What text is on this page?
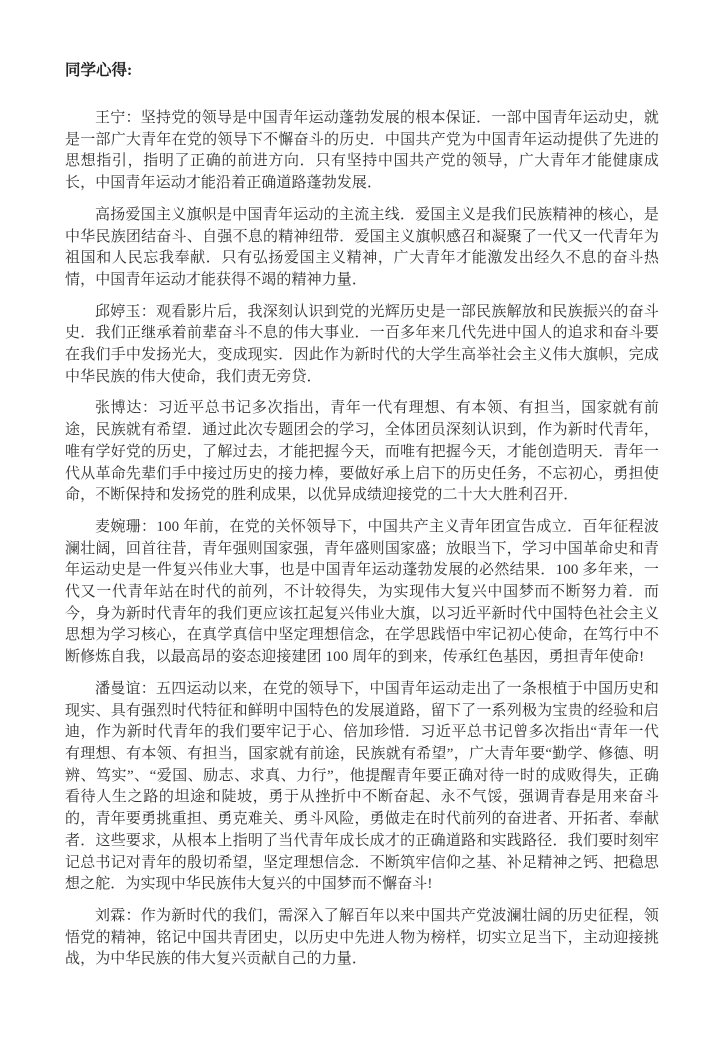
同学心得:

王宁：坚持党的领导是中国青年运动蓬勃发展的根本保证．一部中国青年运动史，就是一部广大青年在党的领导下不懈奋斗的历史．中国共产党为中国青年运动提供了先进的思想指引，指明了正确的前进方向．只有坚持中国共产党的领导，广大青年才能健康成长，中国青年运动才能沿着正确道路蓬勃发展．

高扬爱国主义旗帜是中国青年运动的主流主线．爱国主义是我们民族精神的核心，是中华民族团结奋斗、自强不息的精神纽带．爱国主义旗帜感召和凝聚了一代又一代青年为祖国和人民忘我奉献．只有弘扬爱国主义精神，广大青年才能激发出经久不息的奋斗热情，中国青年运动才能获得不竭的精神力量．

邱婷玉：观看影片后，我深刻认识到党的光辉历史是一部民族解放和民族振兴的奋斗史．我们正继承着前辈奋斗不息的伟大事业．一百多年来几代先进中国人的追求和奋斗要在我们手中发扬光大，变成现实．因此作为新时代的大学生高举社会主义伟大旗帜，完成中华民族的伟大使命，我们责无旁贷．

张博达：习近平总书记多次指出，青年一代有理想、有本领、有担当，国家就有前途，民族就有希望．通过此次专题团会的学习，全体团员深刻认识到，作为新时代青年，唯有学好党的历史，了解过去，才能把握今天，而唯有把握今天，才能创造明天．青年一代从革命先辈们手中接过历史的接力棒，要做好承上启下的历史任务，不忘初心，勇担使命，不断保持和发扬党的胜利成果，以优异成绩迎接党的二十大大胜利召开．

麦婉珊：100 年前，在党的关怀领导下，中国共产主义青年团宣告成立．百年征程波澜壮阔，回首往昔，青年强则国家强，青年盛则国家盛；放眼当下，学习中国革命史和青年运动史是一件复兴伟业大事，也是中国青年运动蓬勃发展的必然结果．100 多年来，一代又一代青年站在时代的前列，不计较得失，为实现伟大复兴中国梦而不断努力着．而今，身为新时代青年的我们更应该扛起复兴伟业大旗，以习近平新时代中国特色社会主义思想为学习核心，在真学真信中坚定理想信念，在学思践悟中牢记初心使命，在笃行中不断修炼自我，以最高昂的姿态迎接建团 100 周年的到来，传承红色基因，勇担青年使命!

潘曼谊：五四运动以来，在党的领导下，中国青年运动走出了一条根植于中国历史和现实、具有强烈时代特征和鲜明中国特色的发展道路，留下了一系列极为宝贵的经验和启迪，作为新时代青年的我们要牢记于心、倍加珍惜．习近平总书记曾多次指出“青年一代有理想、有本领、有担当，国家就有前途，民族就有希望”，广大青年要“勤学、修德、明辨、笃实”、“爱国、励志、求真、力行”，他提醒青年要正确对待一时的成败得失，正确看待人生之路的坦途和陡坡，勇于从挫折中不断奋起、永不气馁，强调青春是用来奋斗的，青年要勇挑重担、勇克难关、勇斗风险，勇做走在时代前列的奋进者、开拓者、奉献者．这些要求，从根本上指明了当代青年成长成才的正确道路和实践路径．我们要时刻牢记总书记对青年的殷切希望，坚定理想信念．不断筑牢信仰之基、补足精神之钙、把稳思想之舵．为实现中华民族伟大复兴的中国梦而不懈奋斗!

刘霖：作为新时代的我们，需深入了解百年以来中国共产党波澜壮阔的历史征程，领悟党的精神，铭记中国共青团史，以历史中先进人物为榜样，切实立足当下，主动迎接挑战，为中华民族的伟大复兴贡献自己的力量．
